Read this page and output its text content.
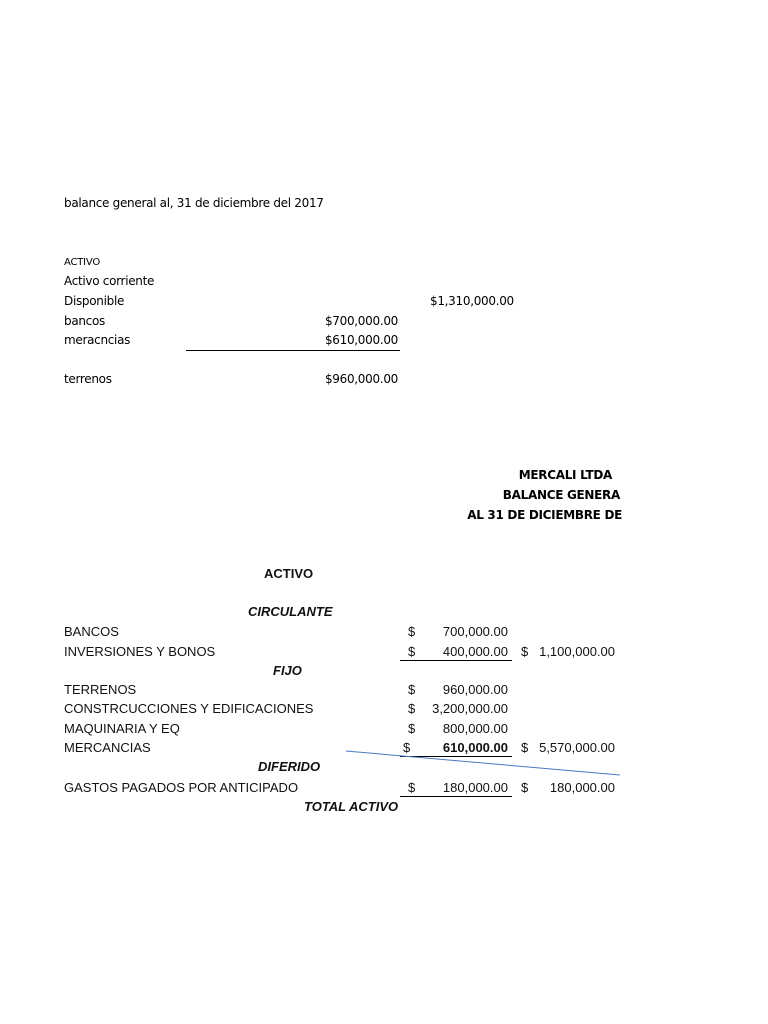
balance general al, 31 de diciembre del 2017
ACTIVO
Activo corriente
Disponible	$1,310,000.00
bancos	$700,000.00
meracncias	$610,000.00
terrenos	$960,000.00
MERCALI LTDA
BALANCE GENERA
AL 31 DE DICIEMBRE DE
ACTIVO
CIRCULANTE
BANCOS	$	700,000.00
INVERSIONES Y BONOS	$	400,000.00 $ 1,100,000.00
FIJO
TERRENOS	$	960,000.00
CONSTRCUCCIONES Y EDIFICACIONES	$	3,200,000.00
MAQUINARIA Y EQ	$	800,000.00
MERCANCIAS	$	610,000.00 $ 5,570,000.00
DIFERIDO
GASTOS PAGADOS POR ANTICIPADO	$	180,000.00 $	180,000.00
TOTAL ACTIVO
